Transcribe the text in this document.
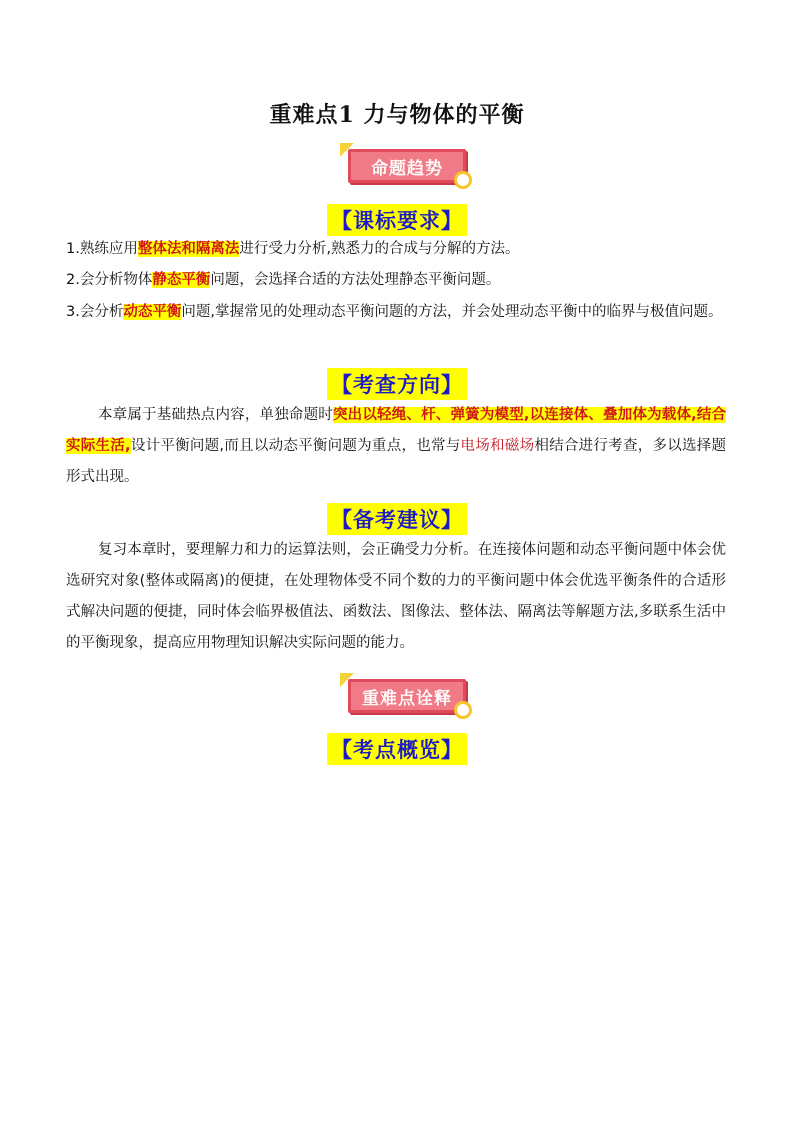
重难点1 力与物体的平衡
命题趋势
【课标要求】
1.熟练应用整体法和隔离法进行受力分析,熟悉力的合成与分解的方法。
2.会分析物体静态平衡问题，会选择合适的方法处理静态平衡问题。
3.会分析动态平衡问题,掌握常见的处理动态平衡问题的方法，并会处理动态平衡中的临界与极值问题。
【考查方向】
本章属于基础热点内容，单独命题时突出以轻绳、杆、弹簧为模型,以连接体、叠加体为载体,结合实际生活,设计平衡问题,而且以动态平衡问题为重点，也常与电场和磁场相结合进行考查，多以选择题形式出现。
【备考建议】
复习本章时，要理解力和力的运算法则，会正确受力分析。在连接体问题和动态平衡问题中体会优选研究对象(整体或隔离)的便捷，在处理物体受不同个数的力的平衡问题中体会优选平衡条件的合适形式解决问题的便捷，同时体会临界极值法、函数法、图像法、整体法、隔离法等解题方法,多联系生活中的平衡现象，提高应用物理知识解决实际问题的能力。
重难点诠释
【考点概览】
